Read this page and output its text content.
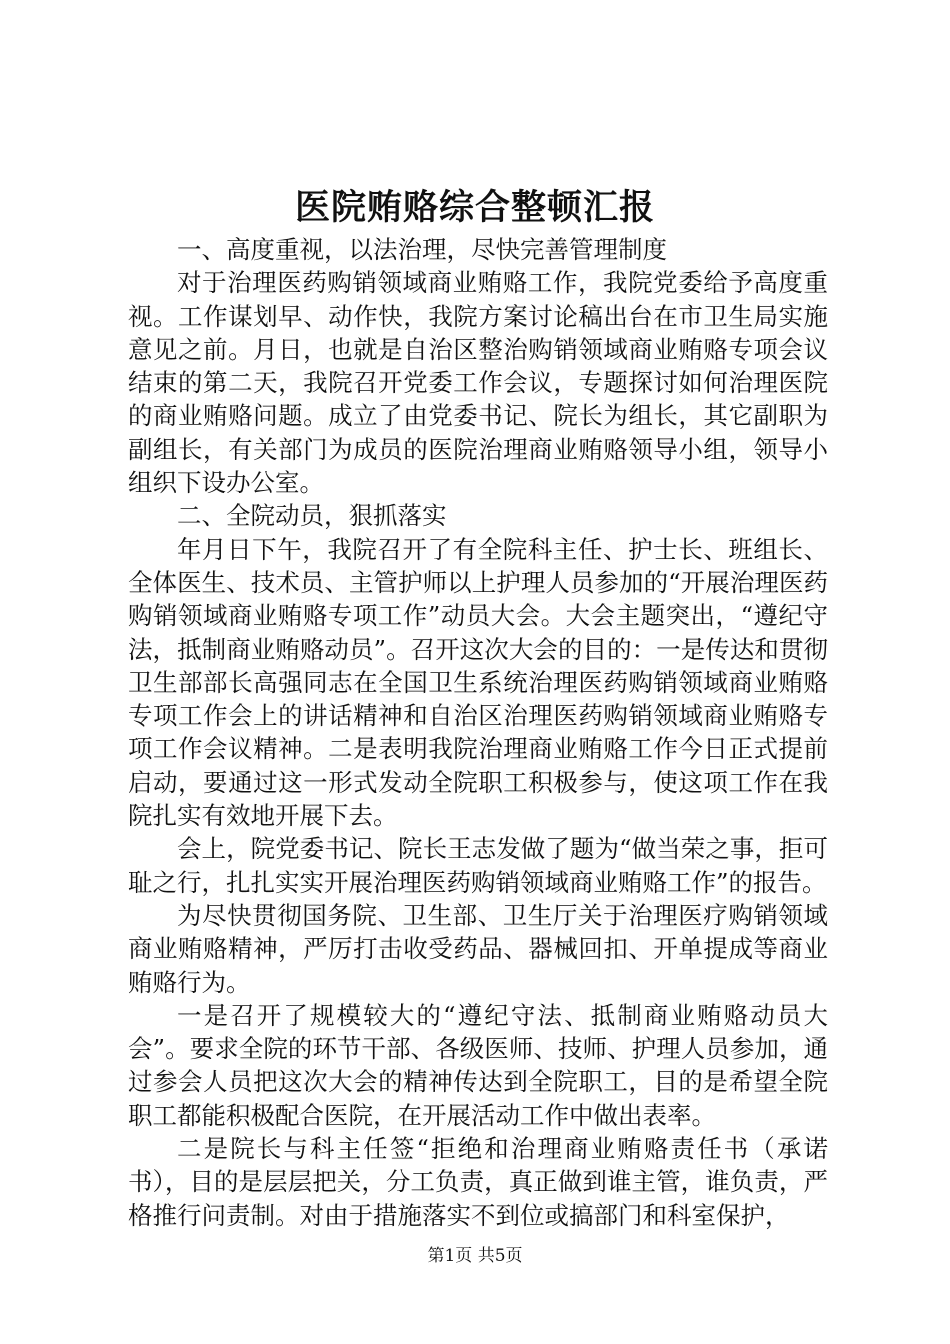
医院贿赂综合整顿汇报

一、高度重视，以法治理，尽快完善管理制度

对于治理医药购销领域商业贿赂工作，我院党委给予高度重视。工作谋划早、动作快，我院方案讨论稿出台在市卫生局实施意见之前。月日，也就是自治区整治购销领域商业贿赂专项会议结束的第二天，我院召开党委工作会议，专题探讨如何治理医院的商业贿赂问题。成立了由党委书记、院长为组长，其它副职为副组长，有关部门为成员的医院治理商业贿赂领导小组，领导小组织下设办公室。

二、全院动员，狠抓落实

年月日下午，我院召开了有全院科主任、护士长、班组长、全体医生、技术员、主管护师以上护理人员参加的“开展治理医药购销领域商业贿赂专项工作”动员大会。大会主题突出，“遵纪守法，抵制商业贿赂动员”。召开这次大会的目的：一是传达和贯彻卫生部部长高强同志在全国卫生系统治理医药购销领域商业贿赂专项工作会上的讲话精神和自治区治理医药购销领域商业贿赂专项工作会议精神。二是表明我院治理商业贿赂工作今日正式提前启动，要通过这一形式发动全院职工积极参与，使这项工作在我院扎实有效地开展下去。

会上，院党委书记、院长王志发做了题为“做当荣之事，拒可耻之行，扎扎实实开展治理医药购销领域商业贿赂工作”的报告。

为尽快贯彻国务院、卫生部、卫生厅关于治理医疗购销领域商业贿赂精神，严厉打击收受药品、器械回扣、开单提成等商业贿赂行为。

一是召开了规模较大的“遵纪守法、抵制商业贿赂动员大会”。要求全院的环节干部、各级医师、技师、护理人员参加，通过参会人员把这次大会的精神传达到全院职工，目的是希望全院职工都能积极配合医院，在开展活动工作中做出表率。

二是院长与科主任签“拒绝和治理商业贿赂责任书（承诺书），目的是层层把关，分工负责，真正做到谁主管，谁负责，严格推行问责制。对由于措施落实不到位或搞部门和科室保护，

第1页 共5页
